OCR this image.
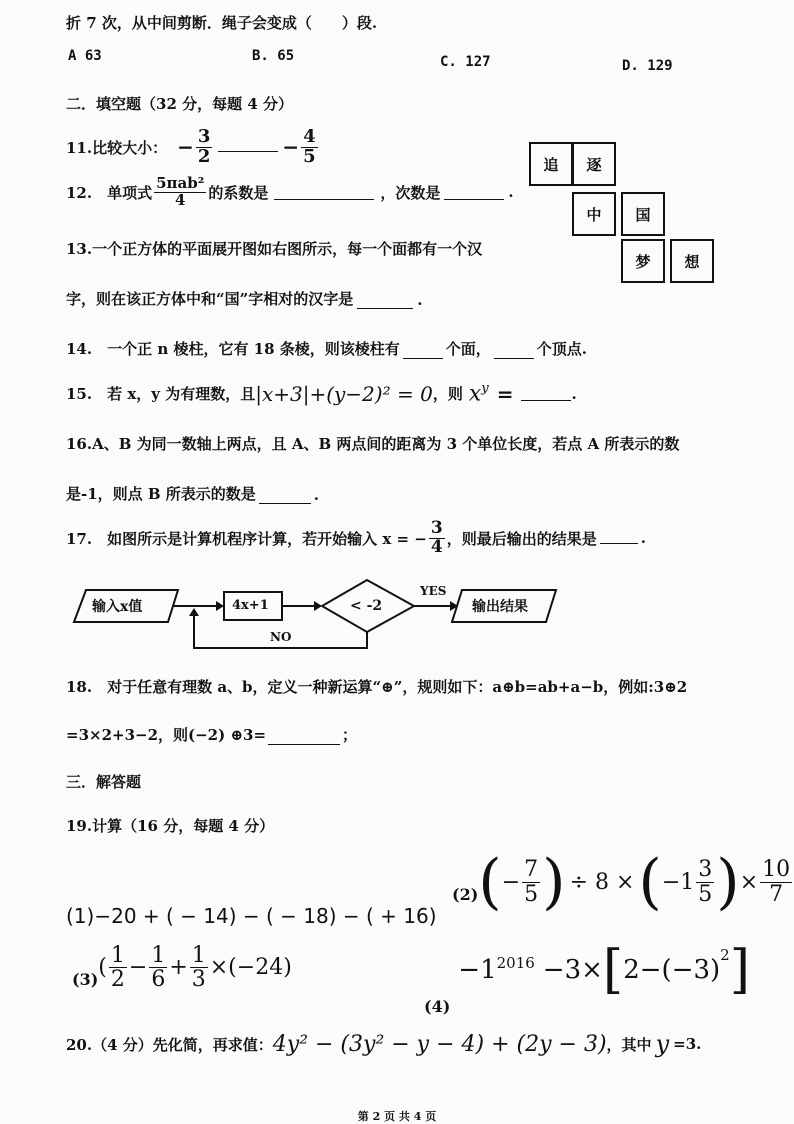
折 7 次，从中间剪断．绳子会变成（　　）段.
A 63	B. 65	C. 127	D. 129
二．填空题（32 分，每题 4 分）
11.比较大小： − $\frac{3}{2}$	− $\frac{4}{5}$
12.　单项式 $\frac{\text{5πab²}}{4}$ 的系数是	，次数是	.
13.一个正方体的平面展开图如右图所示，每一个面都有一个汉
字，则在该正方体中和“国”字相对的汉字是	.
追	逐
中	国
梦	想
14.　一个正 n 棱柱，它有 18 条棱，则该棱柱有	个面，	个顶点.
15.　若 x，y 为有理数，且 |x+3|+(y−2)² = 0 ，则 $x^y$ =	.
16.A、B 为同一数轴上两点，且 A、B 两点间的距离为 3 个单位长度，若点 A 所表示的数
是-1，则点 B 所表示的数是	.
17.　如图所示是计算机程序计算，若开始输入 x = − $\frac{3}{4}$ ，则最后输出的结果是	.
输入x值	4x+1	< -2
YES
输出结果
NO
18.　对于任意有理数 a、b，定义一种新运算“⊕”，规则如下：a⊕b=ab+a−b，例如:3⊕2
=3×2+3−2，则(−2) ⊕3=	；
三．解答题
19.计算（16 分，每题 4 分）
(1)−20 + ( − 14) − ( − 18) − ( + 16)
(2) ( − $\frac{7}{5}$ ) ÷ 8 × ( − $1 \frac{3}{5}$ ) × $\frac{10}{7}$
(3) ( $\frac{1}{2} - \frac{1}{6} + \frac{1}{3} \times(-24)$
(4)
−1 2016 −3× [ 2−(−3) 2 ]
20.（4 分）先化简，再求值： 4y² − (3y² − y − 4) + (2y − 3) ，其中 y =3.
第 2 页 共 4 页
